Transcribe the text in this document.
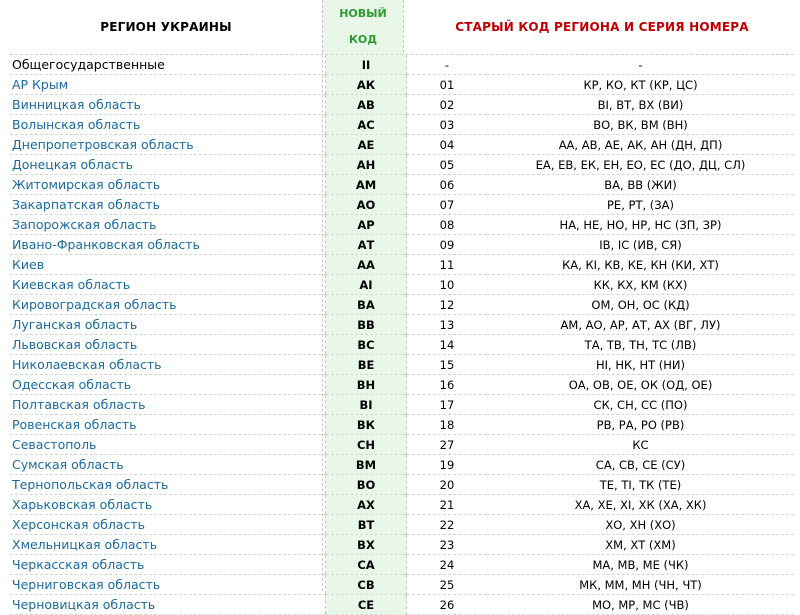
РЕГИОН УКРАИНЫ
НОВЫЙ
КОД
СТАРЫЙ КОД РЕГИОНА И СЕРИЯ НОМЕРА
Общегосударственные	II	-	-
АР Крым	АК	01	КР, КО, КТ (КР, ЦС)
Винницкая область	АВ	02	ВІ, ВТ, ВХ (ВИ)
Волынская область	АС	03	ВО, ВК, ВМ (ВН)
Днепропетровская область	АЕ	04	АА, АВ, АЕ, АК, АН (ДН, ДП)
Донецкая область	АН	05	ЕА, ЕВ, ЕК, ЕН, ЕО, ЕС (ДО, ДЦ, СЛ)
Житомирская область	АМ	06	ВА, ВВ (ЖИ)
Закарпатская область	АО	07	РЕ, РТ, (ЗА)
Запорожская область	АР	08	НА, НЕ, НО, НР, НС (ЗП, ЗР)
Ивано-Франковская область	АТ	09	ІВ, ІС (ИВ, СЯ)
Киев	АА	11	КА, КІ, КВ, КЕ, КН (КИ, ХТ)
Киевская область	АІ	10	КК, КХ, КМ (КХ)
Кировоградская область	ВА	12	ОМ, ОН, ОС (КД)
Луганская область	ВВ	13	АМ, АО, АР, АТ, АХ (ВГ, ЛУ)
Львовская область	ВС	14	ТА, ТВ, ТН, ТС (ЛВ)
Николаевская область	ВЕ	15	НІ, НК, НТ (НИ)
Одесская область	ВН	16	ОА, ОВ, ОЕ, ОК (ОД, ОЕ)
Полтавская область	ВІ	17	СК, СН, СС (ПО)
Ровенская область	ВК	18	РВ, РА, РО (РВ)
Севастополь	СН	27	КС
Сумская область	ВМ	19	СА, СВ, СЕ (СУ)
Тернопольская область	ВО	20	ТЕ, ТІ, ТК (ТЕ)
Харьковская область	АХ	21	ХА, ХЕ, ХІ, ХК (ХА, ХК)
Херсонская область	ВТ	22	ХО, ХН (ХО)
Хмельницкая область	ВХ	23	ХМ, ХТ (ХМ)
Черкасская область	СА	24	МА, МВ, МЕ (ЧК)
Черниговская область	СВ	25	МК, ММ, МН (ЧН, ЧТ)
Черновицкая область	СЕ	26	МО, МР, МС (ЧВ)
